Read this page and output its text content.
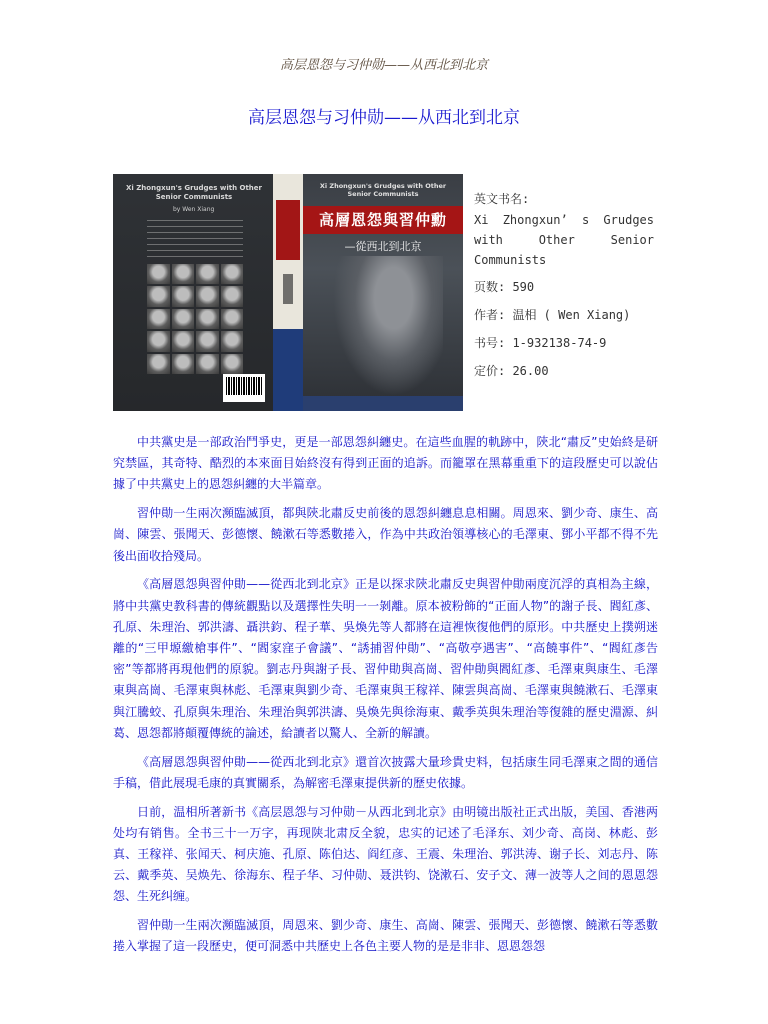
高层恩怨与习仲勋——从西北到北京
高层恩怨与习仲勋——从西北到北京
Xi Zhongxun's Grudges with Other Senior Communists
by Wen Xiang
Xi Zhongxun's Grudges with Other Senior Communists
高層恩怨與習仲勳
—從西北到北京
英文书名:
Xi Zhongxun’ s Grudges
with Other Senior
Communists
页数: 590
作者: 温相 ( Wen Xiang)
书号: 1-932138-74-9
定价: 26.00

中共黨史是一部政治鬥爭史，更是一部恩怨糾纏史。在這些血腥的軌跡中，陝北“肅反”史始終是研究禁區，其奇特、酷烈的本來面目始終沒有得到正面的追訴。而籠罩在黑幕重重下的這段歷史可以說佔據了中共黨史上的恩怨糾纏的大半篇章。

習仲勛一生兩次瀕臨滅頂，都與陝北肅反史前後的恩怨糾纏息息相關。周恩來、劉少奇、康生、高崗、陳雲、張聞天、彭德懷、饒漱石等悉數捲入，作為中共政治領導核心的毛澤東、鄧小平都不得不先後出面收拾殘局。

《高層恩怨與習仲勛——從西北到北京》正是以探求陝北肅反史與習仲勛兩度沉浮的真相為主線，將中共黨史教科書的傳統觀點以及選擇性失明一一剝離。原本被粉飾的“正面人物”的謝子長、閻紅彥、孔原、朱理治、郭洪濤、聶洪鈞、程子華、吳煥先等人都將在這裡恢復他們的原形。中共歷史上撲朔迷離的“三甲塬繳槍事件”、“閻家窪子會議”、“誘捕習仲勛”、“高敬亭遇害”、“高饒事件”、“閻紅彥告密”等都將再現他們的原貌。劉志丹與謝子長、習仲勛與高崗、習仲勛與閻紅彥、毛澤東與康生、毛澤東與高崗、毛澤東與林彪、毛澤東與劉少奇、毛澤東與王稼祥、陳雲與高崗、毛澤東與饒漱石、毛澤東與江騰蛟、孔原與朱理治、朱理治與郭洪濤、吳煥先與徐海東、戴季英與朱理治等復雜的歷史淵源、糾葛、恩怨都將顛覆傳統的論述，給讀者以驚人、全新的解讀。

《高層恩怨與習仲勛——從西北到北京》還首次披露大量珍貴史料，包括康生同毛澤東之間的通信手稿，借此展現毛康的真實關系，為解密毛澤東提供新的歷史依據。

日前，温相所著新书《高层恩怨与习仲勋－从西北到北京》由明镜出版社正式出版，美国、香港两处均有销售。全书三十一万字，再现陕北肃反全貌，忠实的记述了毛泽东、刘少奇、高岗、林彪、彭真、王稼祥、张闻天、柯庆施、孔原、陈伯达、阎红彦、王震、朱理治、郭洪涛、谢子长、刘志丹、陈云、戴季英、吴焕先、徐海东、程子华、习仲勋、聂洪钧、饶漱石、安子文、薄一波等人之间的恩恩怨怨、生死纠缠。

習仲勛一生兩次瀕臨滅頂，周恩來、劉少奇、康生、高崗、陳雲、張聞天、彭德懷、饒漱石等悉數捲入掌握了這一段歷史，便可洞悉中共歷史上各色主要人物的是是非非、恩恩怨怨
